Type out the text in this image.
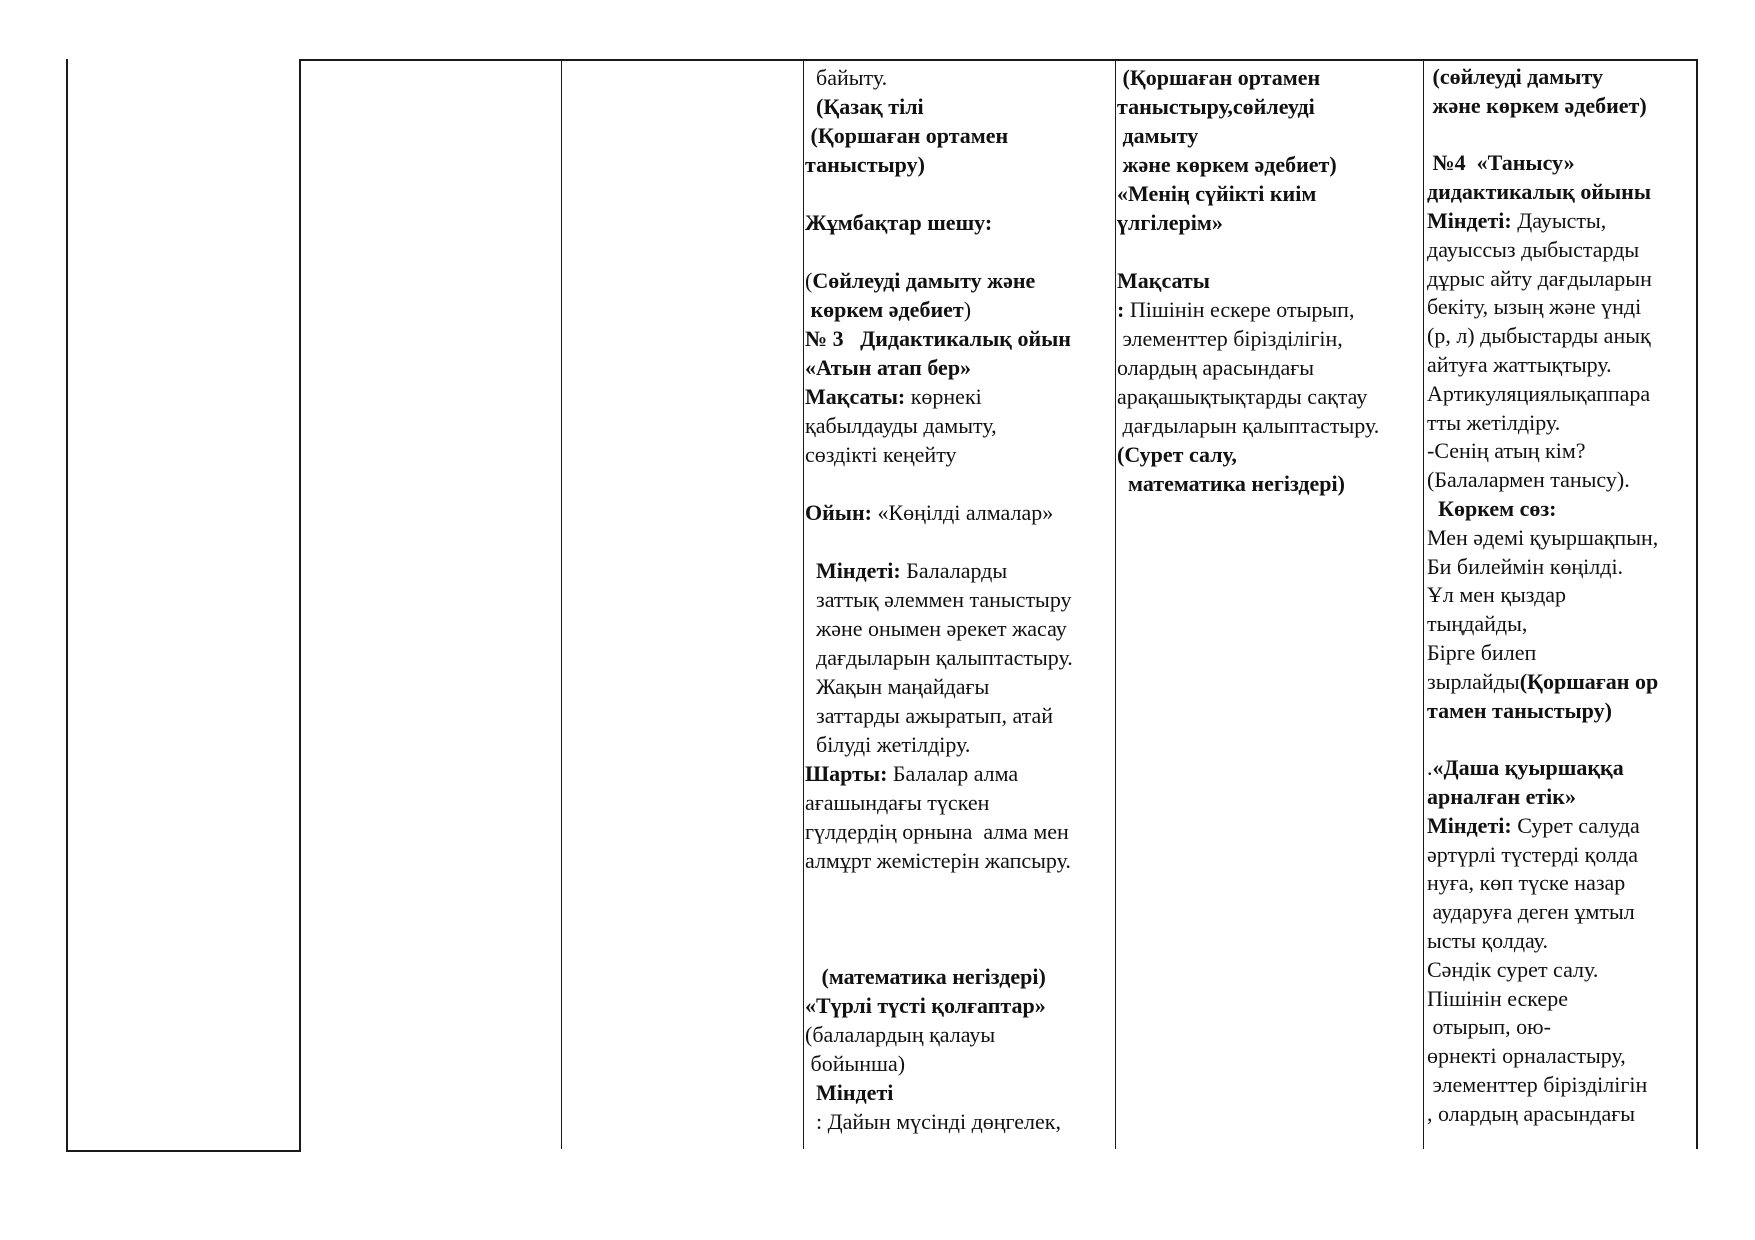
байыту.
(Қазақ тілі
(Қоршаған ортамен
таныстыру)

Жұмбақтар шешу:

(Сөйлеуді дамыту және
көркем әдебиет)
№ 3   Дидактикалық ойын
«Атын атап бер»
Мақсаты: көрнекі
қабылдауды дамыту,
сөздікті кеңейту

Ойын: «Көңілді алмалар»

Міндеті: Балаларды
заттық әлеммен таныстыру
және онымен әрекет жасау
дағдыларын қалыптастыру.
Жақын маңайдағы
заттарды ажыратып, атай
білуді жетілдіру.
Шарты: Балалар алма
ағашындағы түскен
гүлдердің орнына  алма мен
алмұрт жемістерін жапсыру.

(математика негіздері)
«Түрлі түсті қолғаптар»
(балалардың қалауы
бойынша)
Міндеті
: Дайын мүсінді дөңгелек,
(Қоршаған ортамен
таныстыру,сөйлеуді
дамыту
және көркем әдебиет)
«Менің сүйікті киім
үлгілерім»

Мақсаты
: Пішінін ескере отырып,
элементтер біріздiлiгiн,
олардың арасындағы
арақашықтықтарды сақтау
дағдыларын қалыптастыру.
(Сурет салу,
математика негіздері)
(сөйлеуді дамыту
және көркем әдебиет)

№4  «Танысу»
дидактикалық ойыны
Міндеті: Дауысты,
дауыссыз дыбыстарды
дұрыс айту дағдыларын
бекіту, ызың және үнді
(р, л) дыбыстарды анық
айтуға жаттықтыру.
Артикуляциялықаппара
тты жетілдіру.
-Сенің атың кім?
(Балалармен танысу).
Көркем сөз:
Мен әдемі қуыршақпын,
Би билеймін көңілді.
Ұл мен қыздар
тыңдайды,
Бірге билеп
зырлайды(Қоршаған ор
тамен таныстыру)

.«Даша қуыршаққа
арналған етік»
Міндеті: Сурет салуда
әртүрлі түстерді қолда
нуға, көп түске назар
аударуға деген ұмтыл
ысты қолдау.
Сәндік сурет салу.
Пішінін ескере
отырып, ою-
өрнекті орналастыру,
элементтер біріздiлiгiн
, олардың арасындағы
